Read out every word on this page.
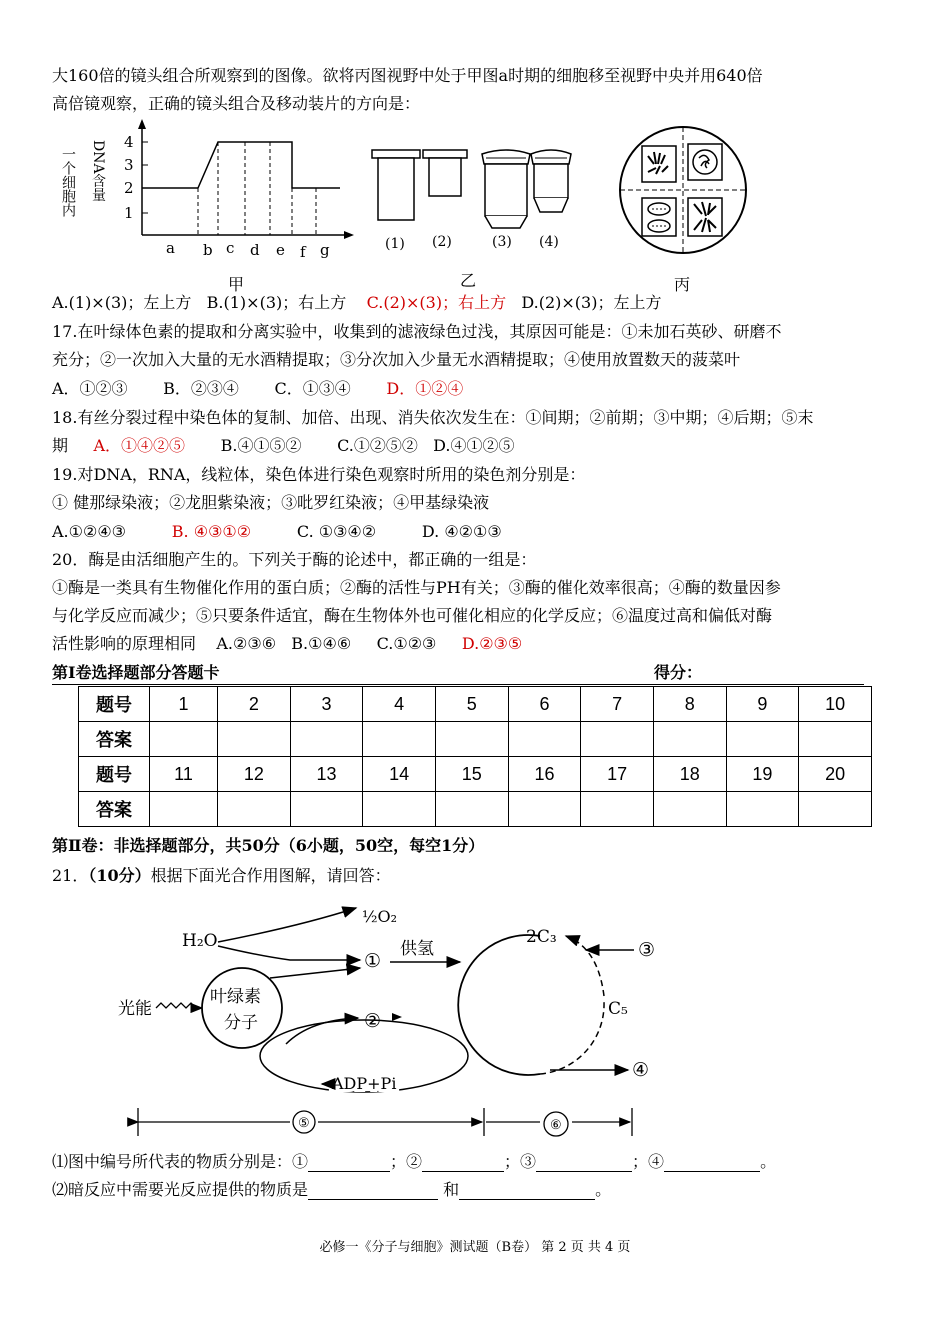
大160倍的镜头组合所观察到的图像。欲将丙图视野中处于甲图a时期的细胞移至视野中央并用640倍
高倍镜观察，正确的镜头组合及移动装片的方向是：
一个细胞内 DNA含量
1
2
3
4
a b c d e f g
甲
(1) (2)	(3) (4)
乙	丙
A.(1)×(3)；左上方 B.(1)×(3)；右上方 C.(2)×(3)；右上方 D.(2)×(3)；左上方
17.在叶绿体色素的提取和分离实验中，收集到的滤液绿色过浅，其原因可能是：①未加石英砂、研磨不
充分；②一次加入大量的无水酒精提取；③分次加入少量无水酒精提取；④使用放置数天的菠菜叶
A．①②③ B．②③④ C．①③④ D．①②④
18.有丝分裂过程中染色体的复制、加倍、出现、消失依次发生在：①间期；②前期；③中期；④后期；⑤末
期 A．①④②⑤ B.④①⑤② C.①②⑤② D.④①②⑤
19.对DNA，RNA，线粒体，染色体进行染色观察时所用的染色剂分别是：
① 健那绿染液；②龙胆紫染液；③吡罗红染液；④甲基绿染液
A.①②④③	B. ④③①②	C. ①③④②	D. ④②①③
20．酶是由活细胞产生的。下列关于酶的论述中，都正确的一组是：
①酶是一类具有生物催化作用的蛋白质；②酶的活性与PH有关；③酶的催化效率很高；④酶的数量因参
与化学反应而减少；⑤只要条件适宜，酶在生物体外也可催化相应的化学反应；⑥温度过高和偏低对酶
活性影响的原理相同 A.②③⑥ B.①④⑥ C.①②③ D.②③⑤
第Ⅰ卷选择题部分答题卡	得分：
题号	1	2	3	4	5	6	7	8	9	10
答案										
题号	11	12	13	14	15	16	17	18	19	20
答案										
第Ⅱ卷：非选择题部分，共50分（6小题，50空，每空1分）
21．（10分）根据下面光合作用图解，请回答：
H₂O
½O₂
光能
叶绿素
分子
①
供氢
②
ADP+Pi
2C₃
C₅
③
④
⑤	⑥
⑴图中编号所代表的物质分别是：①	；②	；③	；④	。
⑵暗反应中需要光反应提供的物质是	和	。
必修一《分子与细胞》测试题（B卷） 第 2 页 共 4 页
